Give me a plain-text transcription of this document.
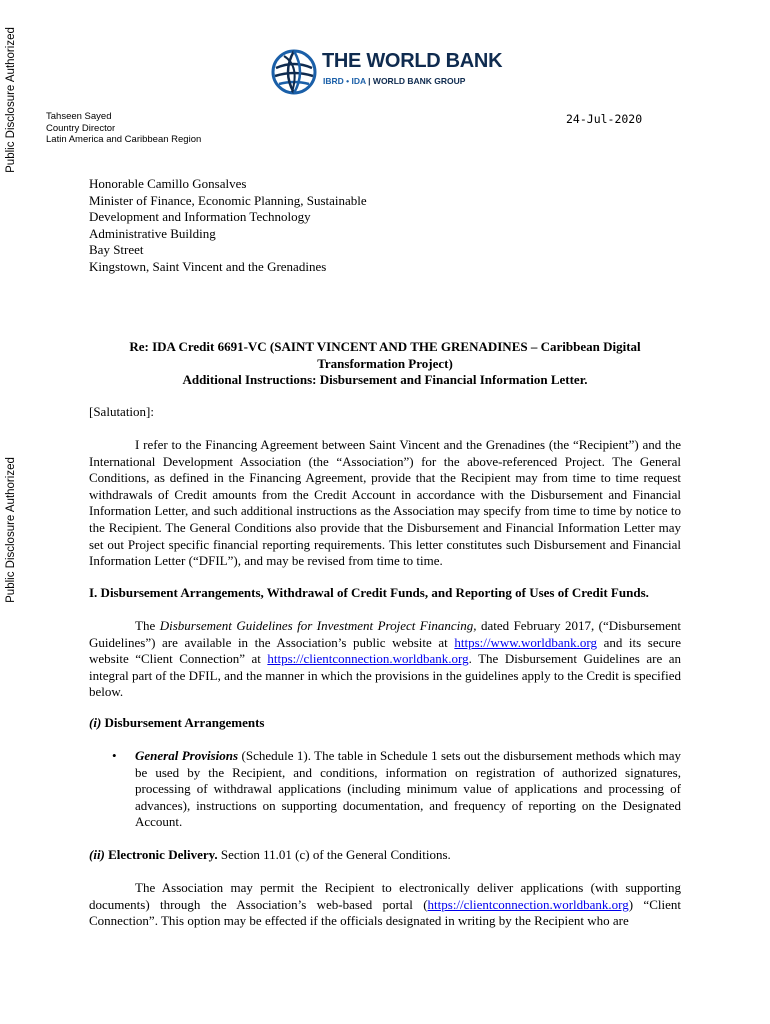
Public Disclosure Authorized
Public Disclosure Authorized
THE WORLD BANK
IBRD • IDA | WORLD BANK GROUP
Tahseen Sayed
Country Director
Latin America and Caribbean Region
24-Jul-2020
Honorable Camillo Gonsalves
Minister of Finance, Economic Planning, Sustainable
Development and Information Technology
Administrative Building
Bay Street
Kingstown, Saint Vincent and the Grenadines
Re: IDA Credit 6691-VC (SAINT VINCENT AND THE GRENADINES – Caribbean Digital
Transformation Project)
Additional Instructions: Disbursement and Financial Information Letter.
[Salutation]:

I refer to the Financing Agreement between Saint Vincent and the Grenadines (the “Recipient”) and the International Development Association (the “Association”) for the above-referenced Project. The General Conditions, as defined in the Financing Agreement, provide that the Recipient may from time to time request withdrawals of Credit amounts from the Credit Account in accordance with the Disbursement and Financial Information Letter, and such additional instructions as the Association may specify from time to time by notice to the Recipient. The General Conditions also provide that the Disbursement and Financial Information Letter may set out Project specific financial reporting requirements. This letter constitutes such Disbursement and Financial Information Letter (“DFIL”), and may be revised from time to time.

I. Disbursement Arrangements, Withdrawal of Credit Funds, and Reporting of Uses of Credit Funds.

The Disbursement Guidelines for Investment Project Financing, dated February 2017, (“Disbursement Guidelines”) are available in the Association’s public website at https://www.worldbank.org and its secure website “Client Connection” at https://clientconnection.worldbank.org. The Disbursement Guidelines are an integral part of the DFIL, and the manner in which the provisions in the guidelines apply to the Credit is specified below.

(i) Disbursement Arrangements
• General Provisions (Schedule 1). The table in Schedule 1 sets out the disbursement methods which may be used by the Recipient, and conditions, information on registration of authorized signatures, processing of withdrawal applications (including minimum value of applications and processing of advances), instructions on supporting documentation, and frequency of reporting on the Designated Account.

(ii) Electronic Delivery. Section 11.01 (c) of the General Conditions.

The Association may permit the Recipient to electronically deliver applications (with supporting documents) through the Association’s web-based portal (https://clientconnection.worldbank.org) “Client Connection”. This option may be effected if the officials designated in writing by the Recipient who are
